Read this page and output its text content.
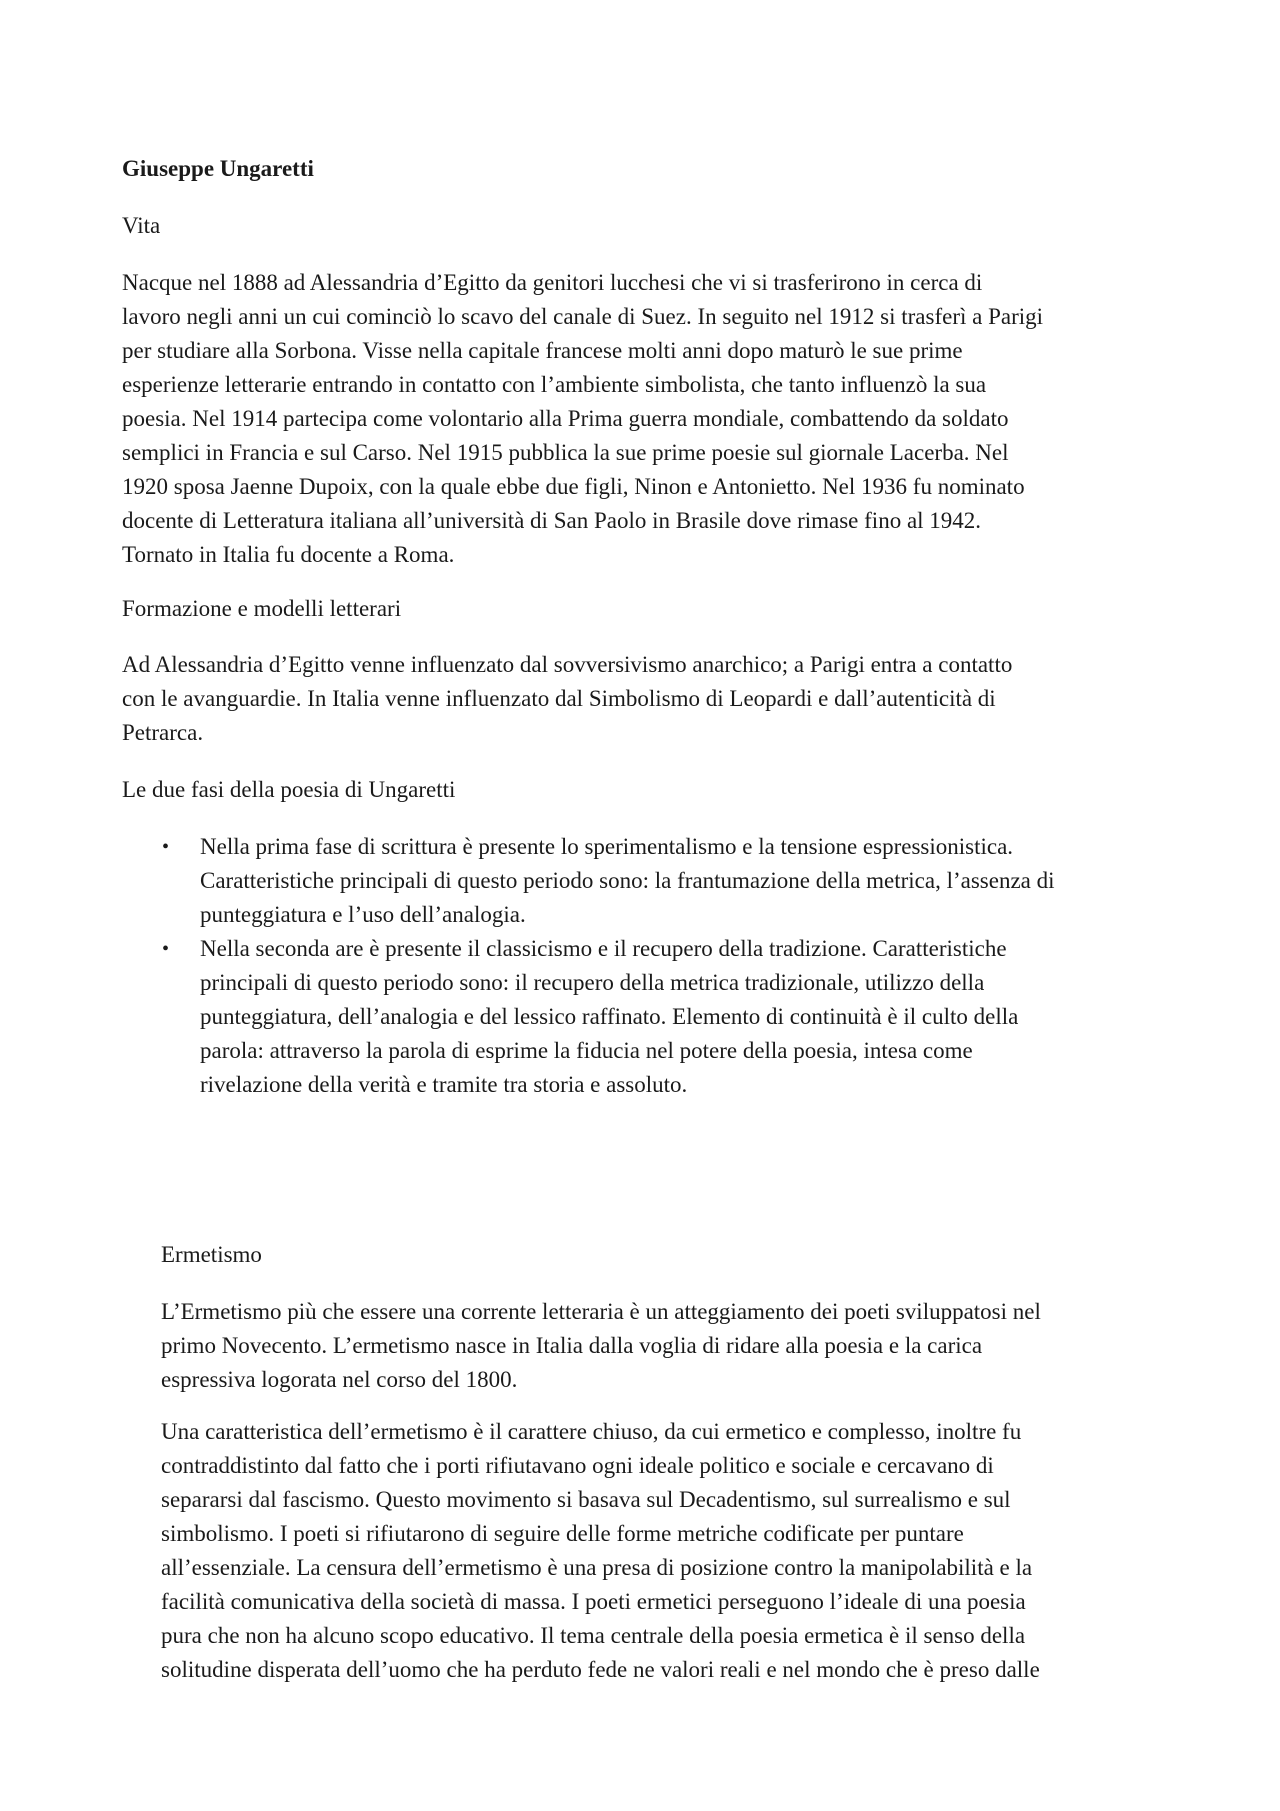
Giuseppe Ungaretti
Vita

Nacque nel 1888 ad Alessandria d’Egitto da genitori lucchesi che vi si trasferirono in cerca di
lavoro negli anni un cui cominciò lo scavo del canale di Suez. In seguito nel 1912 si trasferì a Parigi
per studiare alla Sorbona. Visse nella capitale francese molti anni dopo maturò le sue prime
esperienze letterarie entrando in contatto con l’ambiente simbolista, che tanto influenzò la sua
poesia. Nel 1914 partecipa come volontario alla Prima guerra mondiale, combattendo da soldato
semplici in Francia e sul Carso. Nel 1915 pubblica la sue prime poesie sul giornale Lacerba. Nel
1920 sposa Jaenne Dupoix, con la quale ebbe due figli, Ninon e Antonietto. Nel 1936 fu nominato
docente di Letteratura italiana all’università di San Paolo in Brasile dove rimase fino al 1942.
Tornato in Italia fu docente a Roma.

Formazione e modelli letterari

Ad Alessandria d’Egitto venne influenzato dal sovversivismo anarchico; a Parigi entra a contatto
con le avanguardie. In Italia venne influenzato dal Simbolismo di Leopardi e dall’autenticità di
Petrarca.

Le due fasi della poesia di Ungaretti
• Nella prima fase di scrittura è presente lo sperimentalismo e la tensione espressionistica.
Caratteristiche principali di questo periodo sono: la frantumazione della metrica, l’assenza di
punteggiatura e l’uso dell’analogia.
• Nella seconda are è presente il classicismo e il recupero della tradizione. Caratteristiche
principali di questo periodo sono: il recupero della metrica tradizionale, utilizzo della
punteggiatura, dell’analogia e del lessico raffinato. Elemento di continuità è il culto della
parola: attraverso la parola di esprime la fiducia nel potere della poesia, intesa come
rivelazione della verità e tramite tra storia e assoluto.
Ermetismo

L’Ermetismo più che essere una corrente letteraria è un atteggiamento dei poeti sviluppatosi nel
primo Novecento. L’ermetismo nasce in Italia dalla voglia di ridare alla poesia e la carica
espressiva logorata nel corso del 1800.

Una caratteristica dell’ermetismo è il carattere chiuso, da cui ermetico e complesso, inoltre fu
contraddistinto dal fatto che i porti rifiutavano ogni ideale politico e sociale e cercavano di
separarsi dal fascismo. Questo movimento si basava sul Decadentismo, sul surrealismo e sul
simbolismo. I poeti si rifiutarono di seguire delle forme metriche codificate per puntare
all’essenziale. La censura dell’ermetismo è una presa di posizione contro la manipolabilità e la
facilità comunicativa della società di massa. I poeti ermetici perseguono l’ideale di una poesia
pura che non ha alcuno scopo educativo. Il tema centrale della poesia ermetica è il senso della
solitudine disperata dell’uomo che ha perduto fede ne valori reali e nel mondo che è preso dalle
